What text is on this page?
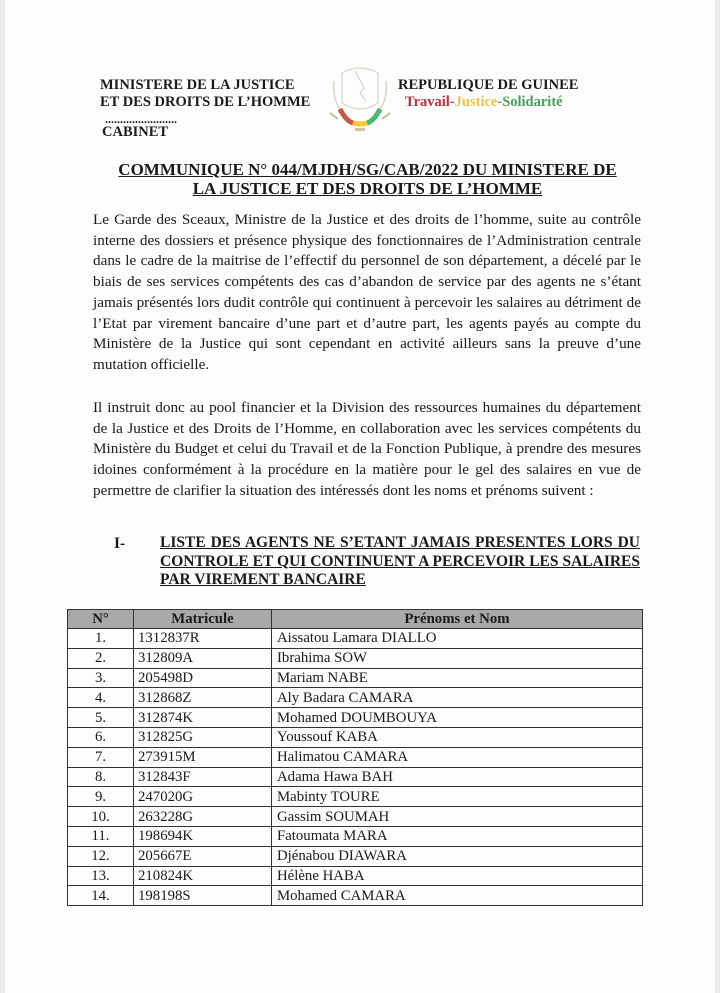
MINISTERE DE LA JUSTICE
ET DES DROITS DE L’HOMME
........................
CABINET
REPUBLIQUE DE GUINEE
Travail-Justice-Solidarité
COMMUNIQUE N° 044/MJDH/SG/CAB/2022 DU MINISTERE DE
LA JUSTICE ET DES DROITS DE L’HOMME

Le Garde des Sceaux, Ministre de la Justice et des droits de l’homme, suite au contrôle interne des dossiers et présence physique des fonctionnaires de l’Administration centrale dans le cadre de la maitrise de l’effectif du personnel de son département, a décelé par le biais de ses services compétents des cas d’abandon de service par des agents ne s’étant jamais présentés lors dudit contrôle qui continuent à percevoir les salaires au détriment de l’Etat par virement bancaire d’une part et d’autre part, les agents payés au compte du Ministère de la Justice qui sont cependant en activité ailleurs sans la preuve d’une mutation officielle.

Il instruit donc au pool financier et la Division des ressources humaines du département de la Justice et des Droits de l’Homme, en collaboration avec les services compétents du Ministère du Budget et celui du Travail et de la Fonction Publique, à prendre des mesures idoines conformément à la procédure en la matière pour le gel des salaires en vue de permettre de clarifier la situation des intéressés dont les noms et prénoms suivent :

I- LISTE DES AGENTS NE S’ETANT JAMAIS PRESENTES LORS DU CONTROLE ET QUI CONTINUENT A PERCEVOIR LES SALAIRES PAR VIREMENT BANCAIRE
N°	Matricule	Prénoms et Nom
1.	1312837R	Aissatou Lamara DIALLO
2.	312809A	Ibrahima SOW
3.	205498D	Mariam NABE
4.	312868Z	Aly Badara CAMARA
5.	312874K	Mohamed DOUMBOUYA
6.	312825G	Youssouf KABA
7.	273915M	Halimatou CAMARA
8.	312843F	Adama Hawa BAH
9.	247020G	Mabinty TOURE
10.	263228G	Gassim SOUMAH
11.	198694K	Fatoumata MARA
12.	205667E	Djénabou DIAWARA
13.	210824K	Hélène HABA
14.	198198S	Mohamed CAMARA
